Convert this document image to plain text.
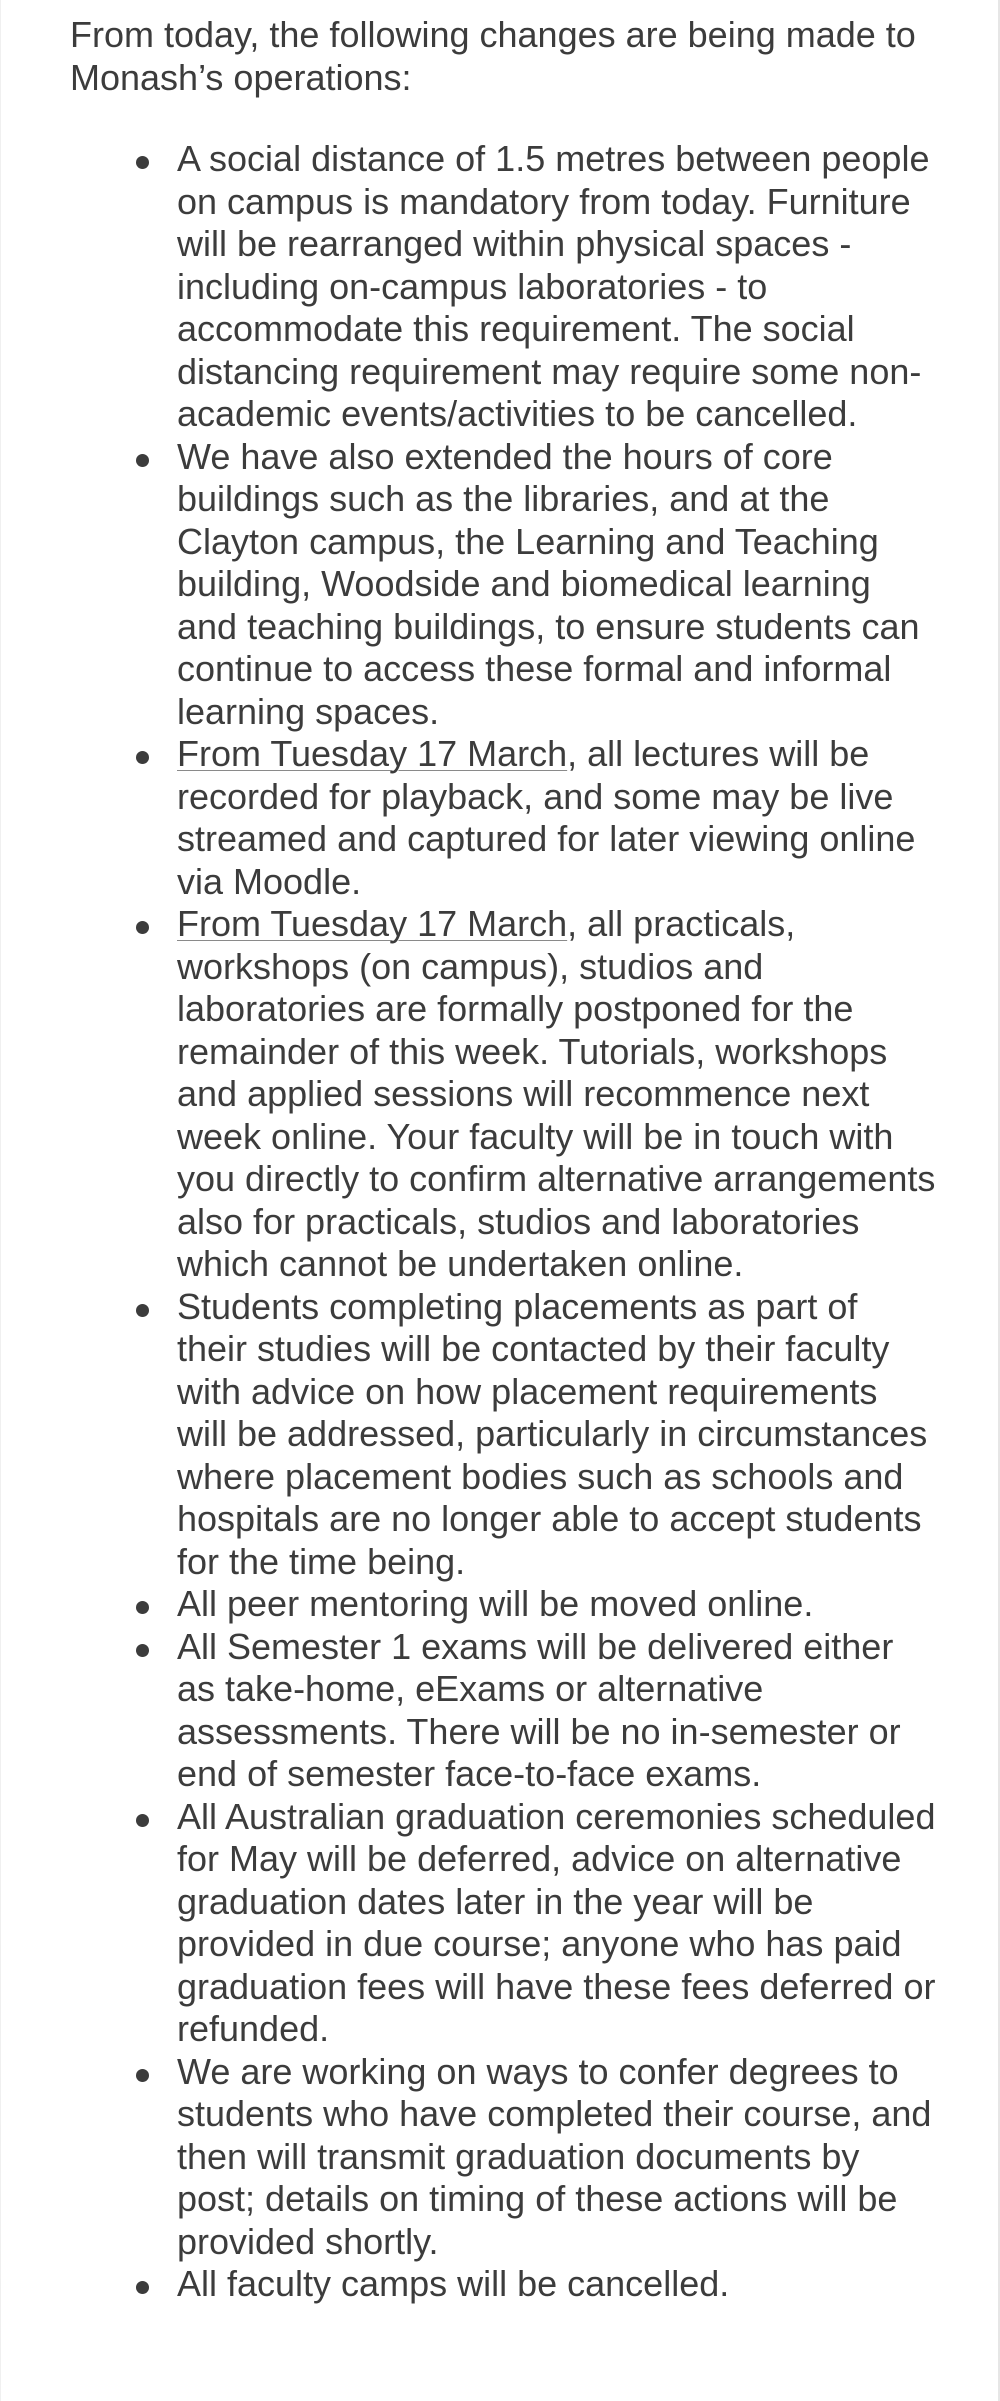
From today, the following changes are being made to Monash’s operations:

A social distance of 1.5 metres between people on campus is mandatory from today. Furniture will be rearranged within physical spaces - including on-campus laboratories - to accommodate this requirement. The social distancing requirement may require some non-academic events/activities to be cancelled.
We have also extended the hours of core buildings such as the libraries, and at the Clayton campus, the Learning and Teaching building, Woodside and biomedical learning and teaching buildings, to ensure students can continue to access these formal and informal learning spaces.
From Tuesday 17 March, all lectures will be recorded for playback, and some may be live streamed and captured for later viewing online via Moodle.
From Tuesday 17 March, all practicals, workshops (on campus), studios and laboratories are formally postponed for the remainder of this week. Tutorials, workshops and applied sessions will recommence next week online. Your faculty will be in touch with you directly to confirm alternative arrangements also for practicals, studios and laboratories which cannot be undertaken online.
Students completing placements as part of their studies will be contacted by their faculty with advice on how placement requirements will be addressed, particularly in circumstances where placement bodies such as schools and hospitals are no longer able to accept students for the time being.
All peer mentoring will be moved online.
All Semester 1 exams will be delivered either as take-home, eExams or alternative assessments. There will be no in-semester or end of semester face-to-face exams.
All Australian graduation ceremonies scheduled for May will be deferred, advice on alternative graduation dates later in the year will be provided in due course; anyone who has paid graduation fees will have these fees deferred or refunded.
We are working on ways to confer degrees to students who have completed their course, and then will transmit graduation documents by post; details on timing of these actions will be provided shortly.
All faculty camps will be cancelled.
